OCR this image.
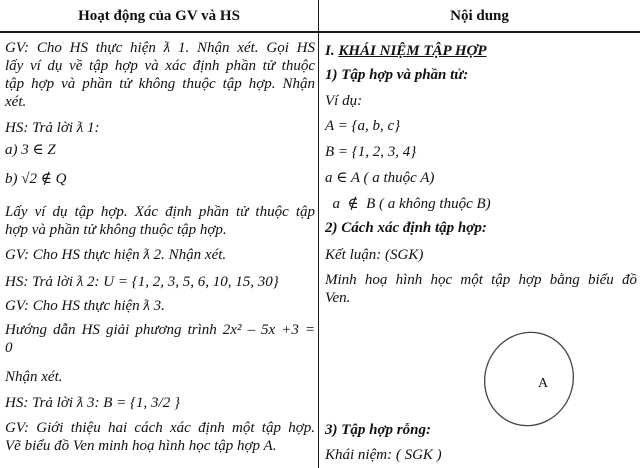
Hoạt động của GV và HS	Nội dung
GV: Cho HS thực hiện ƛ 1. Nhận xét. Gọi HS
lấy ví dụ về tập hợp và xác định phần tử thuộc
tập hợp và phần tử không thuộc tập hợp. Nhận
xét.
HS: Trả lời ƛ 1:
a) 3 ∈ Z
b) √2 ∉ Q
Lấy ví dụ tập hợp. Xác định phần tử thuộc tập
hợp và phần tử không thuộc tập hợp.
GV: Cho HS thực hiện ƛ 2. Nhận xét.
HS: Trả lời ƛ 2: U = {1, 2, 3, 5, 6, 10, 15, 30}
GV: Cho HS thực hiện ƛ 3.
Hướng dẫn HS giải phương trình 2x² – 5x +3 =
0
Nhận xét.
HS: Trả lời ƛ 3: B = {1, 3/2 }
GV: Giới thiệu hai cách xác định một tập hợp.
Vẽ biểu đồ Ven minh hoạ hình học tập hợp A.
I. KHÁI NIỆM TẬP HỢP
1) Tập hợp và phần tử:
Ví dụ:
A = {a, b, c}
B = {1, 2, 3, 4}
a ∈ A ( a thuộc A)
a  ∉  B ( a không thuộc B)
2) Cách xác định tập hợp:
Kết luận: (SGK)
Minh hoạ hình học một tập hợp bằng biểu đồ
Ven.
A
3) Tập hợp rỗng:
Khái niệm: ( SGK )
